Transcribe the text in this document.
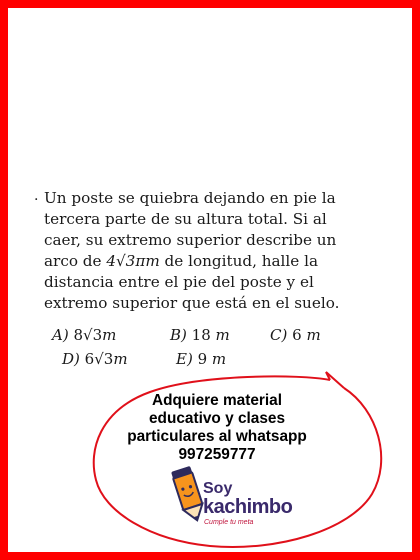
. Un poste se quiebra dejando en pie la
tercera parte de su altura total. Si al
caer, su extremo superior describe un
arco de 4√3πm de longitud, halle la
distancia entre el pie del poste y el
extremo superior que está en el suelo.
A) 8√3m	B) 18 m	C) 6 m
D) 6√3m	E) 9 m
Adquiere material
educativo y clases
particulares al whatsapp
997259777
Soy
kachimbo
Cumple tu meta
